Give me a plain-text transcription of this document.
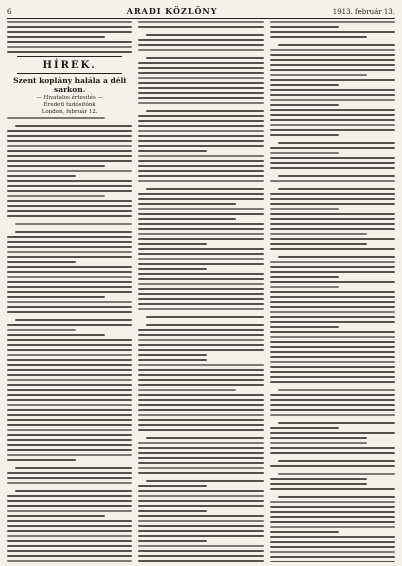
6	ARADI KÖZLÖNY	1913. február 13.
HÍREK.
Szent koplány halála a déli sarkon.
— Hivatalos értesítés —
Eredeti tudósitónk
London, február 12.
